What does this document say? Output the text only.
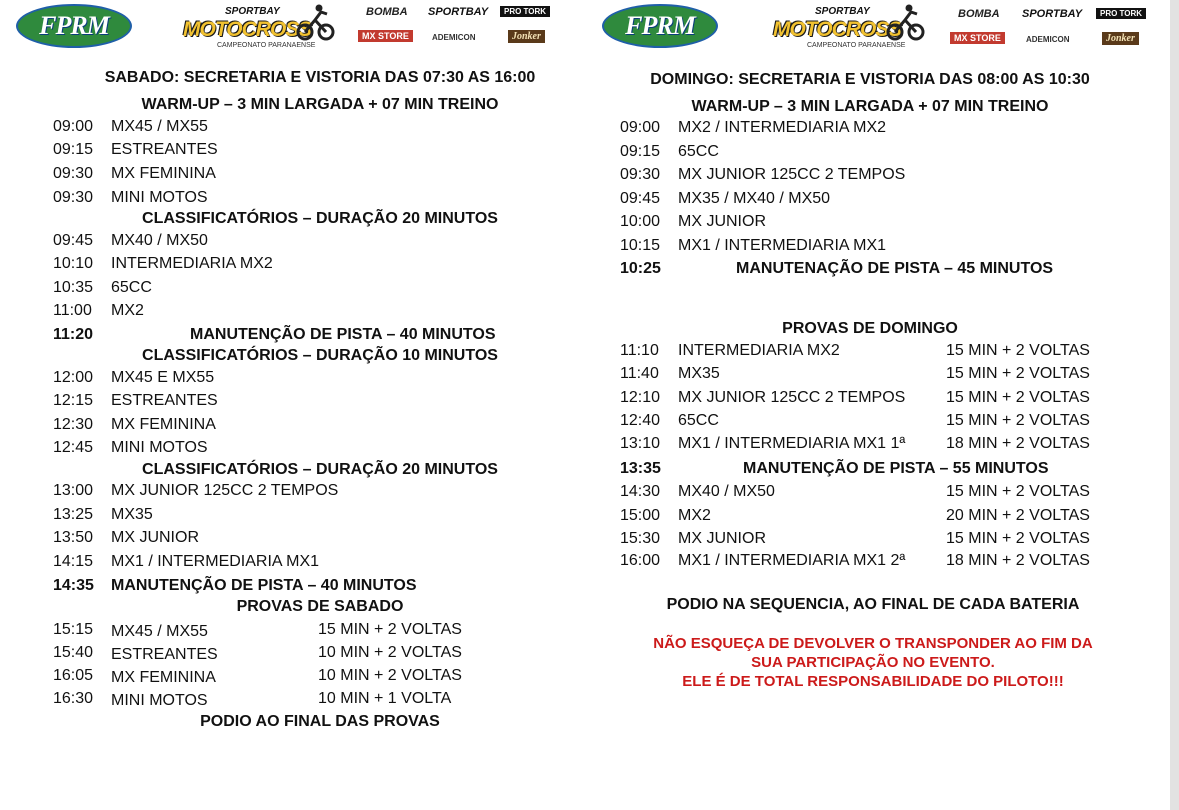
FPRM	SPORTBAY
MOTOCROSS
CAMPEONATO PARANAENSE
BOMBA SPORTBAY	PRO TORK
MX STORE	ADEMICON	Jonker
SABADO: SECRETARIA E VISTORIA DAS 07:30 AS 16:00
WARM-UP – 3 MIN LARGADA + 07 MIN TREINO
09:00	MX45 / MX55
09:15	ESTREANTES
09:30	MX FEMININA
09:30	MINI MOTOS
CLASSIFICATÓRIOS – DURAÇÃO 20 MINUTOS
09:45	MX40 / MX50
10:10	INTERMEDIARIA MX2
10:35	65CC
11:00	MX2
11:20	MANUTENÇÃO DE PISTA – 40 MINUTOS
CLASSIFICATÓRIOS – DURAÇÃO 10 MINUTOS
12:00	MX45 E MX55
12:15	ESTREANTES
12:30	MX FEMININA
12:45	MINI MOTOS
CLASSIFICATÓRIOS – DURAÇÃO 20 MINUTOS
13:00	MX JUNIOR 125CC 2 TEMPOS
13:25	MX35
13:50	MX JUNIOR
14:15	MX1 / INTERMEDIARIA MX1
14:35	MANUTENÇÃO DE PISTA – 40 MINUTOS
PROVAS DE SABADO
15:15	MX45 / MX55	15 MIN + 2 VOLTAS
15:40	ESTREANTES	10 MIN + 2 VOLTAS
16:05	MX FEMININA	10 MIN + 2 VOLTAS
16:30	MINI MOTOS	10 MIN + 1 VOLTA
PODIO AO FINAL DAS PROVAS
FPRM	SPORTBAY
MOTOCROSS
CAMPEONATO PARANAENSE
BOMBA SPORTBAY	PRO TORK
MX STORE	ADEMICON	Jonker
DOMINGO: SECRETARIA E VISTORIA DAS 08:00 AS 10:30
WARM-UP – 3 MIN LARGADA + 07 MIN TREINO
09:00	MX2 / INTERMEDIARIA MX2
09:15	65CC
09:30	MX JUNIOR 125CC 2 TEMPOS
09:45	MX35 / MX40 / MX50
10:00	MX JUNIOR
10:15	MX1 / INTERMEDIARIA MX1
10:25	MANUTENAÇÃO DE PISTA – 45 MINUTOS
PROVAS DE DOMINGO
11:10	INTERMEDIARIA MX2	15 MIN + 2 VOLTAS
11:40	MX35	15 MIN + 2 VOLTAS
12:10	MX JUNIOR 125CC 2 TEMPOS	15 MIN + 2 VOLTAS
12:40	65CC	15 MIN + 2 VOLTAS
13:10	MX1 / INTERMEDIARIA MX1 1ª	18 MIN + 2 VOLTAS
13:35	MANUTENÇÃO DE PISTA – 55 MINUTOS
14:30	MX40 / MX50	15 MIN + 2 VOLTAS
15:00	MX2	20 MIN + 2 VOLTAS
15:30	MX JUNIOR	15 MIN + 2 VOLTAS
16:00	MX1 / INTERMEDIARIA MX1 2ª	18 MIN + 2 VOLTAS
PODIO NA SEQUENCIA, AO FINAL DE CADA BATERIA
NÃO ESQUEÇA DE DEVOLVER O TRANSPONDER AO FIM DA
SUA PARTICIPAÇÃO NO EVENTO.
ELE É DE TOTAL RESPONSABILIDADE DO PILOTO!!!
